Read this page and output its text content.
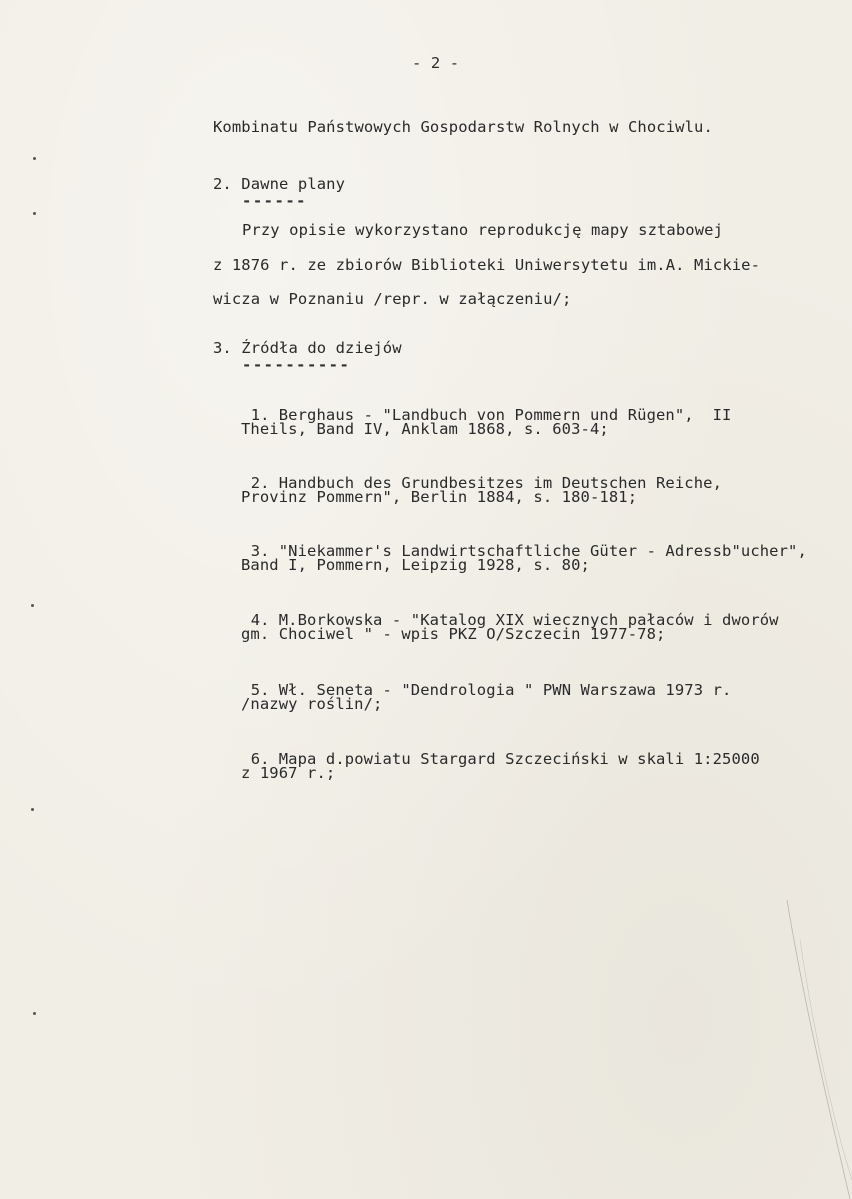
- 2 -
Kombinatu Państwowych Gospodarstw Rolnych w Chociwlu.
2. Dawne plany
------
Przy opisie wykorzystano reprodukcję mapy sztabowej
z 1876 r. ze zbiorów Biblioteki Uniwersytetu im.A. Mickie-
wicza w Poznaniu /repr. w załączeniu/;
3. Źródła do dziejów
----------

1. Berghaus - "Landbuch von Pommern und Rügen",  II

Theils, Band IV, Anklam 1868, s. 603-4;

2. Handbuch des Grundbesitzes im Deutschen Reiche,

Provinz Pommern", Berlin 1884, s. 180-181;

3. "Niekammer's Landwirtschaftliche Güter - Adressb"ucher",

Band I, Pommern, Leipzig 1928, s. 80;

4. M.Borkowska - "Katalog XIX wiecznych pałaców i dworów

gm. Chociwel " - wpis PKZ O/Szczecin 1977-78;

5. Wł. Seneta - "Dendrologia " PWN Warszawa 1973 r.

/nazwy roślin/;

6. Mapa d.powiatu Stargard Szczeciński w skali 1:25000

z 1967 r.;
